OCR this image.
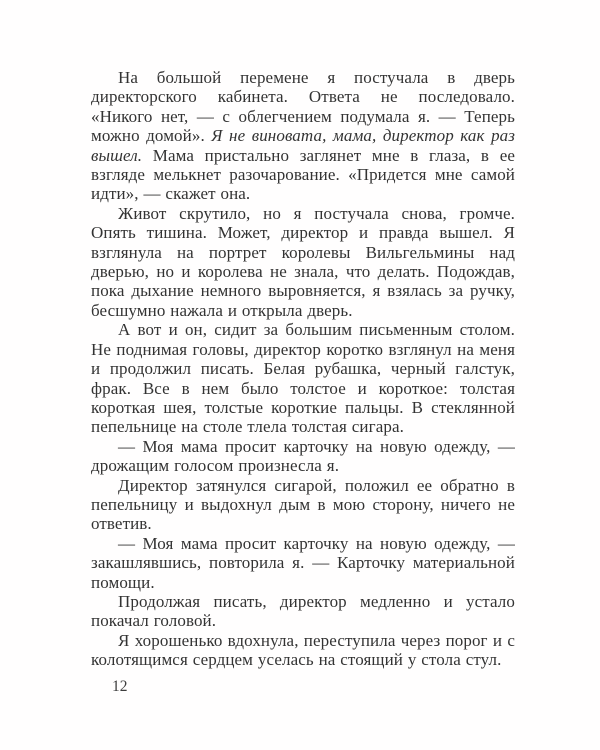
На большой перемене я постучала в дверь директорского кабинета. Ответа не последовало. «Никого нет, — с облегчением подумала я. — Теперь можно домой». Я не виновата, мама, директор как раз вышел. Мама пристально заглянет мне в глаза, в ее взгляде мелькнет разочарование. «Придется мне самой идти», — скажет она.

Живот скрутило, но я постучала снова, громче. Опять тишина. Может, директор и правда вышел. Я взглянула на портрет королевы Вильгельмины над дверью, но и королева не знала, что делать. Подождав, пока дыхание немного выровняется, я взялась за ручку, бесшумно нажала и открыла дверь.

А вот и он, сидит за большим письменным столом. Не поднимая головы, директор коротко взглянул на меня и продолжил писать. Белая рубашка, черный галстук, фрак. Все в нем было толстое и короткое: толстая короткая шея, толстые короткие пальцы. В стеклянной пепельнице на столе тлела толстая сигара.

— Моя мама просит карточку на новую одежду, — дрожащим голосом произнесла я.

Директор затянулся сигарой, положил ее обратно в пепельницу и выдохнул дым в мою сторону, ничего не ответив.

— Моя мама просит карточку на новую одежду, — закашлявшись, повторила я. — Карточку материальной помощи.

Продолжая писать, директор медленно и устало покачал головой.

Я хорошенько вдохнула, переступила через порог и с колотящимся сердцем уселась на стоящий у стола стул.

12
